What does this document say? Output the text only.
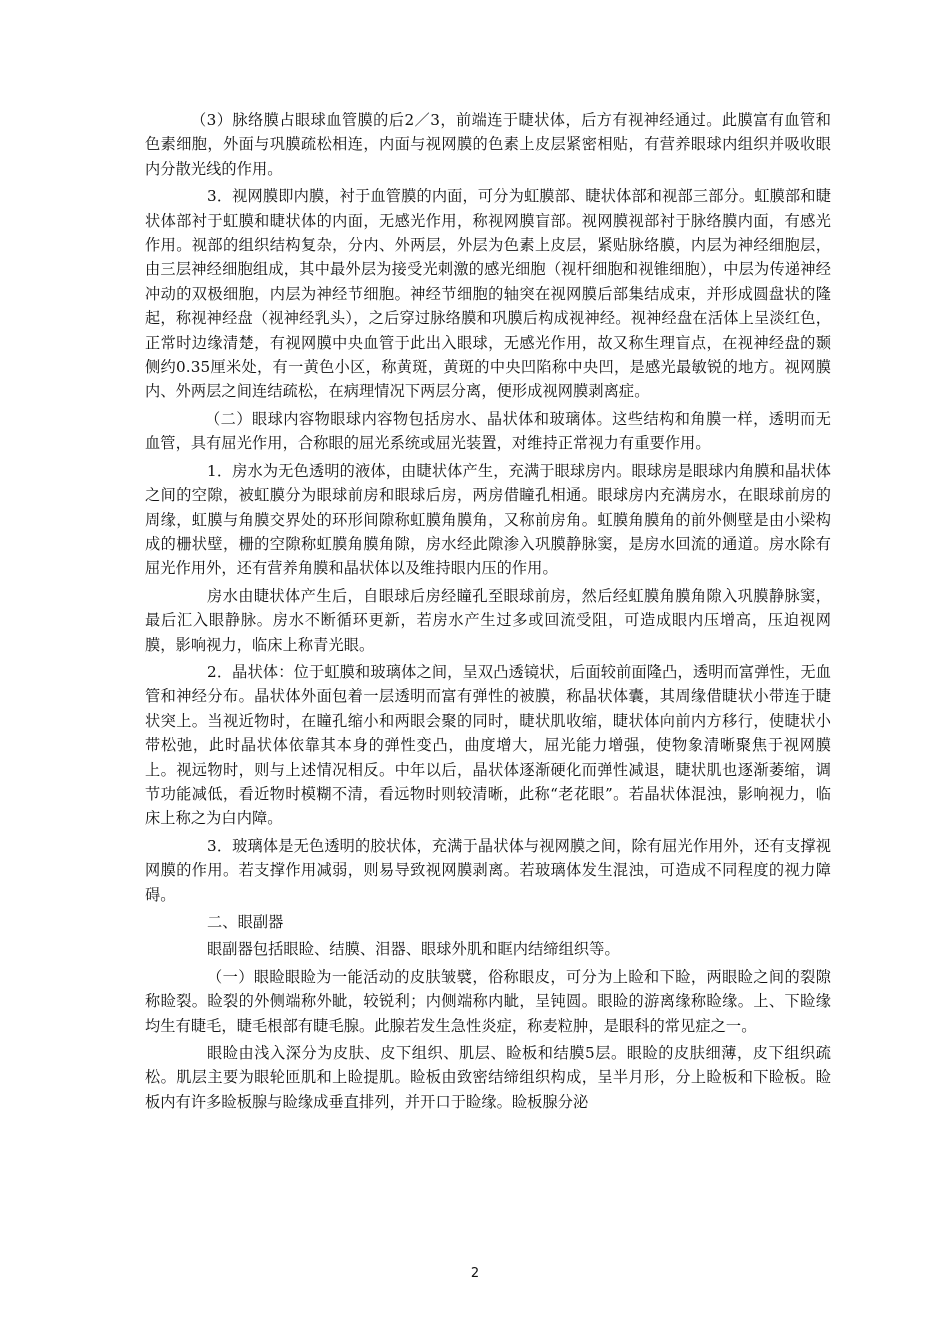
（3）脉络膜占眼球血管膜的后2／3，前端连于睫状体，后方有视神经通过。此膜富有血管和色素细胞，外面与巩膜疏松相连，内面与视网膜的色素上皮层紧密相贴，有营养眼球内组织并吸收眼内分散光线的作用。

3．视网膜即内膜，衬于血管膜的内面，可分为虹膜部、睫状体部和视部三部分。虹膜部和睫状体部衬于虹膜和睫状体的内面，无感光作用，称视网膜盲部。视网膜视部衬于脉络膜内面，有感光作用。视部的组织结构复杂，分内、外两层，外层为色素上皮层，紧贴脉络膜，内层为神经细胞层，由三层神经细胞组成，其中最外层为接受光刺激的感光细胞（视杆细胞和视锥细胞），中层为传递神经冲动的双极细胞，内层为神经节细胞。神经节细胞的轴突在视网膜后部集结成束，并形成圆盘状的隆起，称视神经盘（视神经乳头），之后穿过脉络膜和巩膜后构成视神经。视神经盘在活体上呈淡红色，正常时边缘清楚，有视网膜中央血管于此出入眼球，无感光作用，故又称生理盲点，在视神经盘的颞侧约0.35厘米处，有一黄色小区，称黄斑，黄斑的中央凹陷称中央凹，是感光最敏锐的地方。视网膜内、外两层之间连结疏松，在病理情况下两层分离，便形成视网膜剥离症。

（二）眼球内容物眼球内容物包括房水、晶状体和玻璃体。这些结构和角膜一样，透明而无血管，具有屈光作用，合称眼的屈光系统或屈光装置，对维持正常视力有重要作用。

1．房水为无色透明的液体，由睫状体产生，充满于眼球房内。眼球房是眼球内角膜和晶状体之间的空隙，被虹膜分为眼球前房和眼球后房，两房借瞳孔相通。眼球房内充满房水，在眼球前房的周缘，虹膜与角膜交界处的环形间隙称虹膜角膜角，又称前房角。虹膜角膜角的前外侧壁是由小梁构成的栅状壁，栅的空隙称虹膜角膜角隙，房水经此隙渗入巩膜静脉窦，是房水回流的通道。房水除有屈光作用外，还有营养角膜和晶状体以及维持眼内压的作用。

房水由睫状体产生后，自眼球后房经瞳孔至眼球前房，然后经虹膜角膜角隙入巩膜静脉窦，最后汇入眼静脉。房水不断循环更新，若房水产生过多或回流受阻，可造成眼内压增高，压迫视网膜，影响视力，临床上称青光眼。

2．晶状体：位于虹膜和玻璃体之间，呈双凸透镜状，后面较前面隆凸，透明而富弹性，无血管和神经分布。晶状体外面包着一层透明而富有弹性的被膜，称晶状体囊，其周缘借睫状小带连于睫状突上。当视近物时，在瞳孔缩小和两眼会聚的同时，睫状肌收缩，睫状体向前内方移行，使睫状小带松弛，此时晶状体依靠其本身的弹性变凸，曲度增大，屈光能力增强，使物象清晰聚焦于视网膜上。视远物时，则与上述情况相反。中年以后，晶状体逐渐硬化而弹性减退，睫状肌也逐渐萎缩，调节功能减低，看近物时模糊不清，看远物时则较清晰，此称“老花眼”。若晶状体混浊，影响视力，临床上称之为白内障。

3．玻璃体是无色透明的胶状体，充满于晶状体与视网膜之间，除有屈光作用外，还有支撑视网膜的作用。若支撑作用减弱，则易导致视网膜剥离。若玻璃体发生混浊，可造成不同程度的视力障碍。

二、眼副器

眼副器包括眼睑、结膜、泪器、眼球外肌和眶内结缔组织等。

（一）眼睑眼睑为一能活动的皮肤皱襞，俗称眼皮，可分为上睑和下睑，两眼睑之间的裂隙称睑裂。睑裂的外侧端称外眦，较锐利；内侧端称内眦，呈钝圆。眼睑的游离缘称睑缘。上、下睑缘均生有睫毛，睫毛根部有睫毛腺。此腺若发生急性炎症，称麦粒肿，是眼科的常见症之一。

眼睑由浅入深分为皮肤、皮下组织、肌层、睑板和结膜5层。眼睑的皮肤细薄，皮下组织疏松。肌层主要为眼轮匝肌和上睑提肌。睑板由致密结缔组织构成，呈半月形，分上睑板和下睑板。睑板内有许多睑板腺与睑缘成垂直排列，并开口于睑缘。睑板腺分泌

2
